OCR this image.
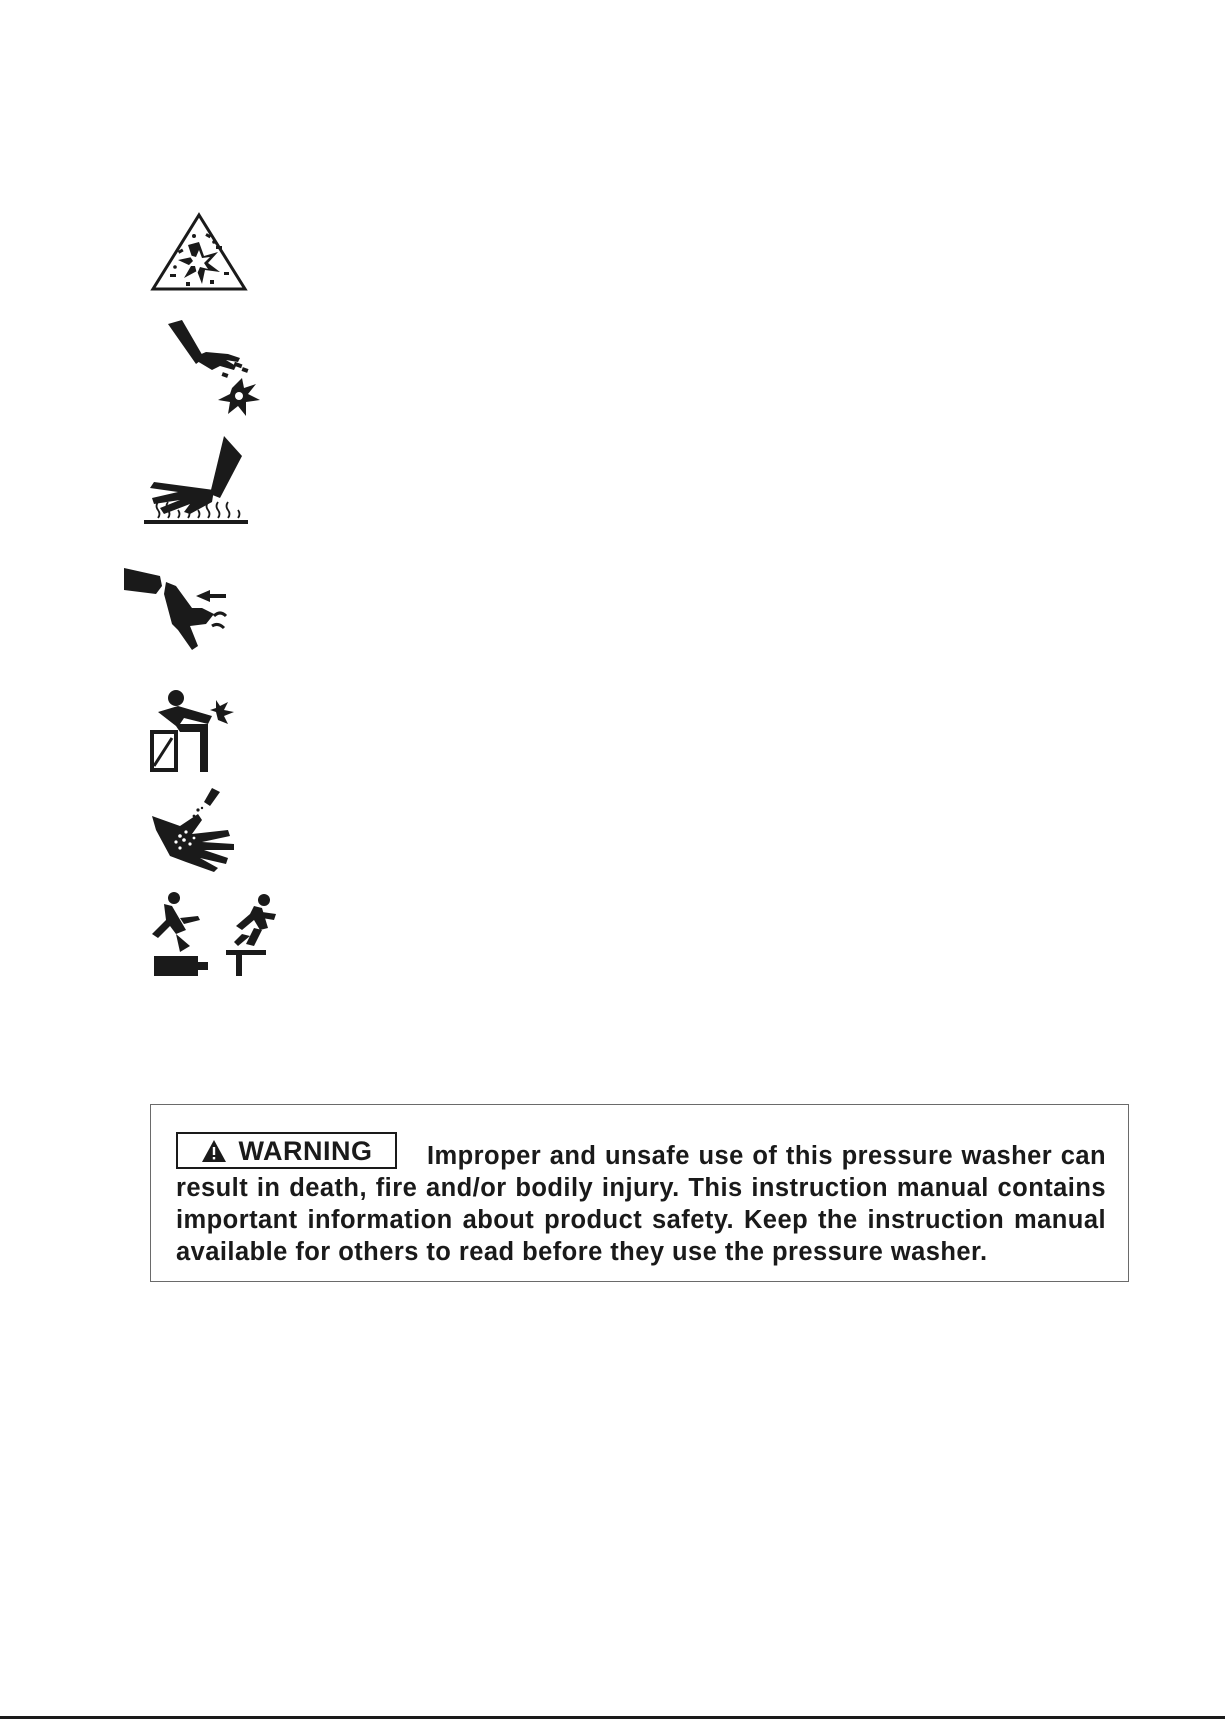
WARNING Improper and unsafe use of this pressure washer can result in death, fire and/or bodily injury. This instruction manual contains important information about product safety. Keep the instruction manual available for others to read before they use the pressure washer.
